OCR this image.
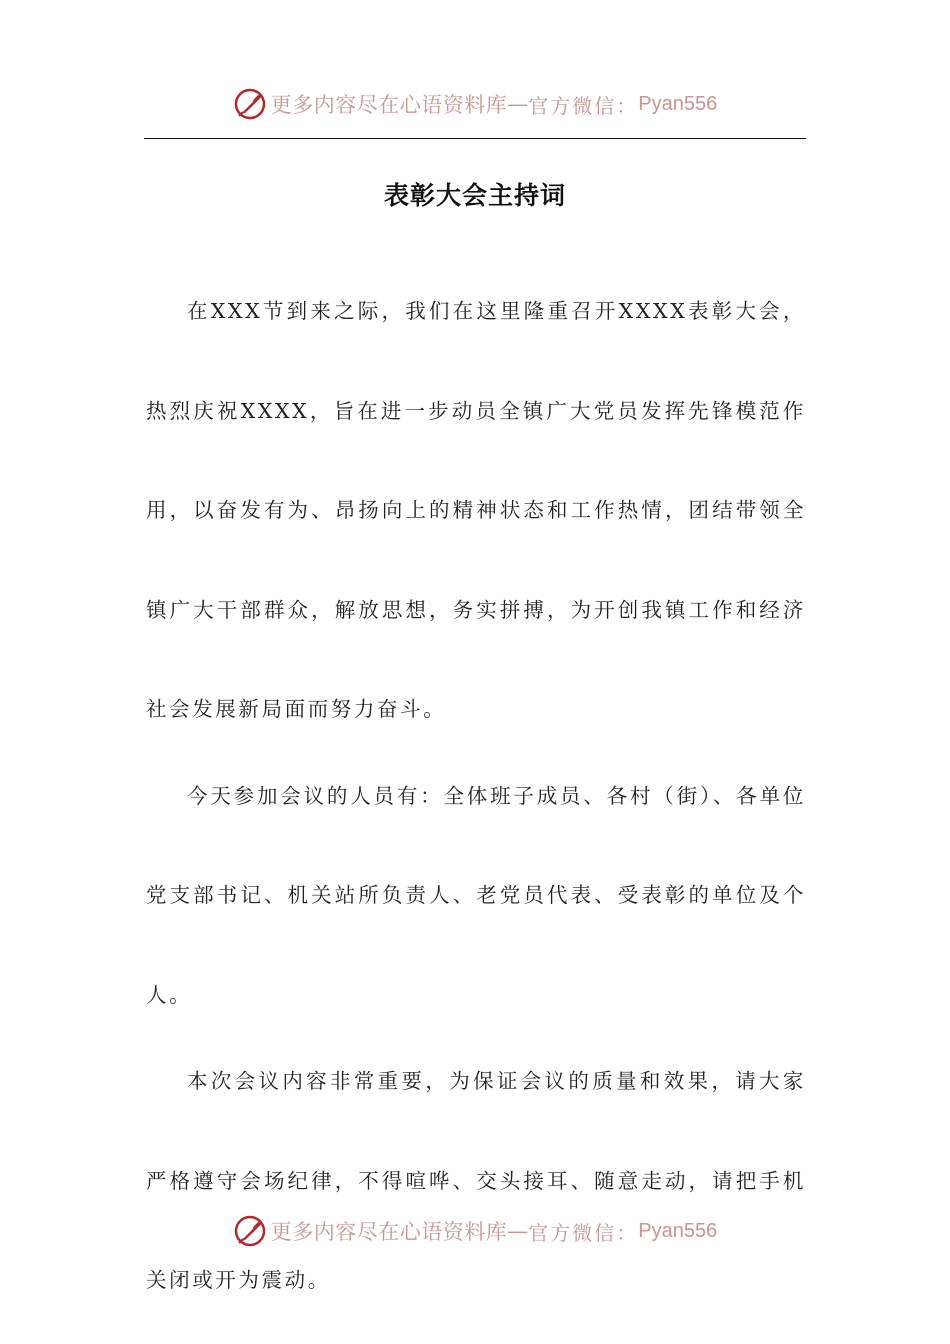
更多内容尽在心语资料库 — 官方微信： Pyan556
表彰大会主持词

在XXX节到来之际，我们在这里隆重召开XXXX表彰大会，热烈庆祝XXXX，旨在进一步动员全镇广大党员发挥先锋模范作用，以奋发有为、昂扬向上的精神状态和工作热情，团结带领全镇广大干部群众，解放思想，务实拼搏，为开创我镇工作和经济社会发展新局面而努力奋斗。

今天参加会议的人员有：全体班子成员、各村（街）、各单位党支部书记、机关站所负责人、老党员代表、受表彰的单位及个人。

本次会议内容非常重要，为保证会议的质量和效果，请大家严格遵守会场纪律，不得喧哗、交头接耳、随意走动，请把手机关闭或开为震动。

更多内容尽在心语资料库 — 官方微信： Pyan556
